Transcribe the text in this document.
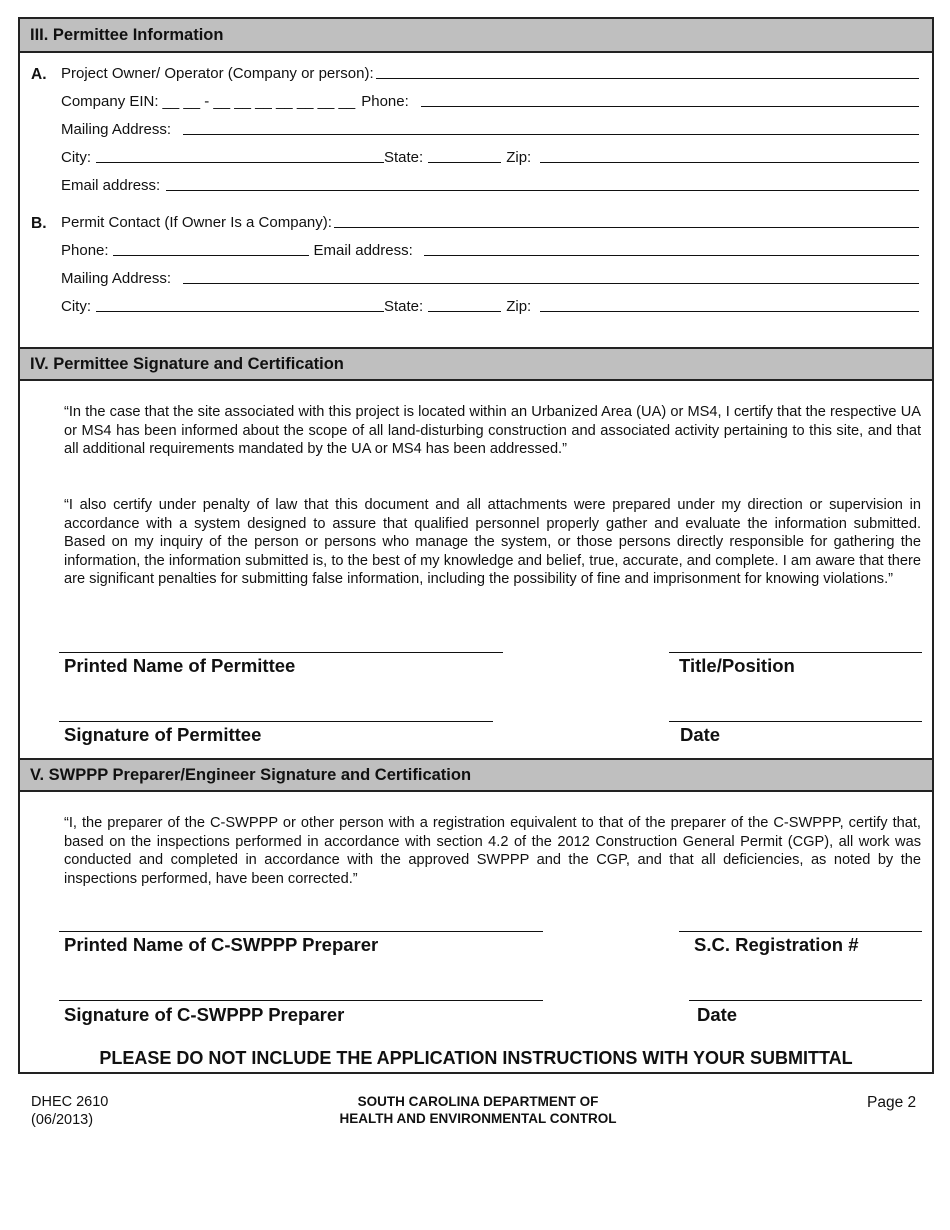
III. Permittee Information
A. Project Owner/ Operator (Company or person):
Company EIN: __ __ - __ __ __ __ __ __ __ Phone:
Mailing Address:
City:	State:	Zip:
Email address:
B. Permit Contact (If Owner Is a Company):
Phone:	Email address:
Mailing Address:
City:	State:	Zip:
IV. Permittee Signature and Certification

“In the case that the site associated with this project is located within an Urbanized Area (UA) or MS4, I certify that the respective UA or MS4 has been informed about the scope of all land-disturbing construction and associated activity pertaining to this site, and that all additional requirements mandated by the UA or MS4 has been addressed.”

“I also certify under penalty of law that this document and all attachments were prepared under my direction or supervision in accordance with a system designed to assure that qualified personnel properly gather and evaluate the information submitted. Based on my inquiry of the person or persons who manage the system, or those persons directly responsible for gathering the information, the information submitted is, to the best of my knowledge and belief, true, accurate, and complete. I am aware that there are significant penalties for submitting false information, including the possibility of fine and imprisonment for knowing violations.”

Printed Name of Permittee	Title/Position
Signature of Permittee	Date
V. SWPPP Preparer/Engineer Signature and Certification

“I, the preparer of the C-SWPPP or other person with a registration equivalent to that of the preparer of the C-SWPPP, certify that, based on the inspections performed in accordance with section 4.2 of the 2012 Construction General Permit (CGP), all work was conducted and completed in accordance with the approved SWPPP and the CGP, and that all deficiencies, as noted by the inspections performed, have been corrected.”

Printed Name of C-SWPPP Preparer	S.C. Registration #
Signature of C-SWPPP Preparer	Date
PLEASE DO NOT INCLUDE THE APPLICATION INSTRUCTIONS WITH YOUR SUBMITTAL
DHEC 2610
(06/2013)
SOUTH CAROLINA DEPARTMENT OF
HEALTH AND ENVIRONMENTAL CONTROL
Page 2
